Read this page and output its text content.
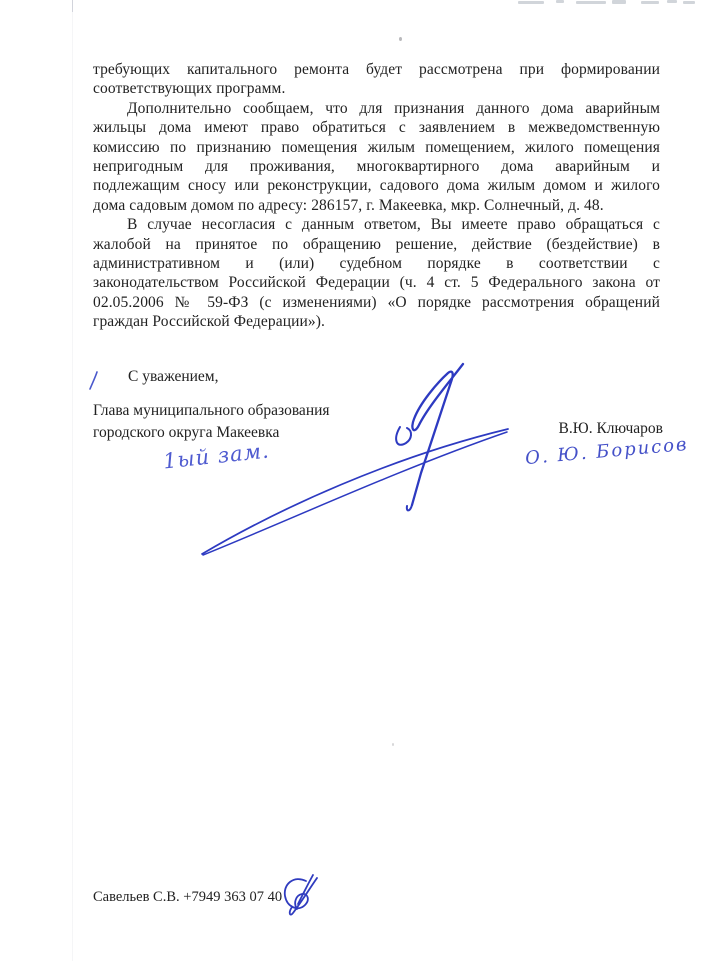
требующих капитального ремонта будет рассмотрена при формировании
соответствующих программ.
Дополнительно сообщаем, что для признания данного дома аварийным
жильцы дома имеют право обратиться с заявлением в межведомственную
комиссию по признанию помещения жилым помещением, жилого помещения
непригодным для проживания, многоквартирного дома аварийным и
подлежащим сносу или реконструкции, садового дома жилым домом и жилого
дома садовым домом по адресу: 286157, г. Макеевка, мкр. Солнечный, д. 48.
В случае несогласия с данным ответом, Вы имеете право обращаться с
жалобой на принятое по обращению решение, действие (бездействие) в
административном и (или) судебном порядке в соответствии с
законодательством Российской Федерации (ч. 4 ст. 5 Федерального закона от
02.05.2006 № 59-ФЗ (с изменениями) «О порядке рассмотрения обращений
граждан Российской Федерации»).
С уважением,
Глава муниципального образования
городского округа Макеевка	В.Ю. Ключаров
1ый зам.	О. Ю. Борисов
Савельев С.В. +7949 363 07 40
